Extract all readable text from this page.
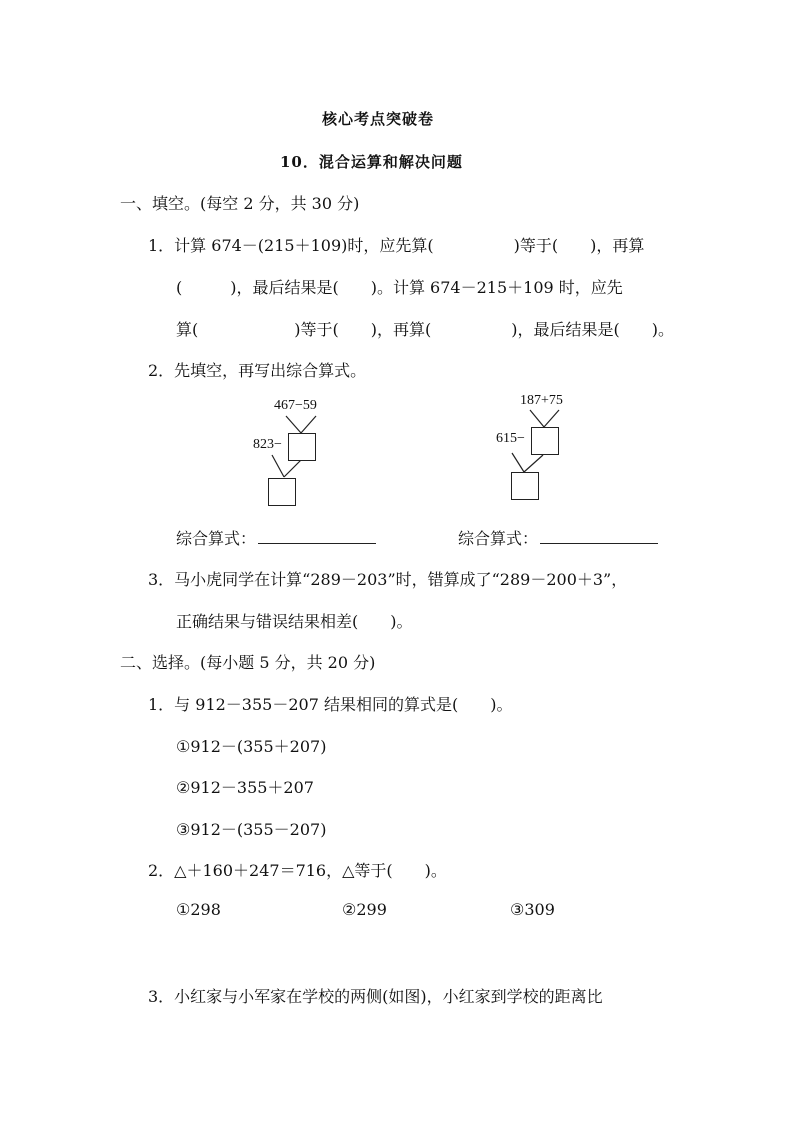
核心考点突破卷
10．混合运算和解决问题
一、填空。(每空 2 分，共 30 分)
1．计算 674－(215＋109)时，应先算(　　　　　)等于(　　)，再算
(　　　)，最后结果是(　　)。计算 674－215＋109 时，应先
算(　　　　　　)等于(　　)，再算(　　　　　)，最后结果是(　　)。
2．先填空，再写出综合算式。
467−59
823−
187+75
615−
综合算式：	综合算式：
3．马小虎同学在计算“289－203”时，错算成了“289－200＋3”，
正确结果与错误结果相差(　　)。
二、选择。(每小题 5 分，共 20 分)
1．与 912－355－207 结果相同的算式是(　　)。
①912－(355＋207)
②912－355＋207
③912－(355－207)
2．△＋160＋247＝716，△等于(　　)。
①298	②299	③309
3．小红家与小军家在学校的两侧(如图)，小红家到学校的距离比
